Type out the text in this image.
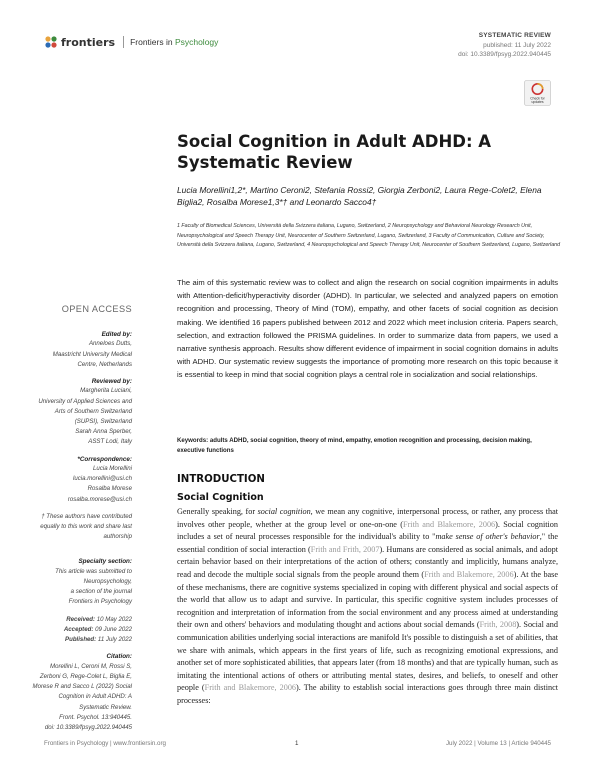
frontiers Frontiers in Psychology
SYSTEMATIC REVIEW
published: 11 July 2022
doi: 10.3389/fpsyg.2022.940445
Check for
updates
Social Cognition in Adult ADHD: A Systematic Review

Lucia Morellini1,2*, Martino Ceroni2, Stefania Rossi2, Giorgia Zerboni2, Laura Rege-Colet2, Elena Biglia2, Rosalba Morese1,3*† and Leonardo Sacco4†

1 Faculty of Biomedical Sciences, Università della Svizzera italiana, Lugano, Switzerland, 2 Neuropsychology and Behavioral Neurology Research Unit, Neuropsychological and Speech Therapy Unit, Neurocenter of Southern Switzerland, Lugano, Switzerland, 3 Faculty of Communication, Culture and Society, Università della Svizzera italiana, Lugano, Switzerland, 4 Neuropsychological and Speech Therapy Unit, Neurocenter of Southern Switzerland, Lugano, Switzerland

The aim of this systematic review was to collect and align the research on social cognition impairments in adults with Attention-deficit/hyperactivity disorder (ADHD). In particular, we selected and analyzed papers on emotion recognition and processing, Theory of Mind (TOM), empathy, and other facets of social cognition as decision making. We identified 16 papers published between 2012 and 2022 which meet inclusion criteria. Papers search, selection, and extraction followed the PRISMA guidelines. In order to summarize data from papers, we used a narrative synthesis approach. Results show different evidence of impairment in social cognition domains in adults with ADHD. Our systematic review suggests the importance of promoting more research on this topic because it is essential to keep in mind that social cognition plays a central role in socialization and social relationships.

Keywords: adults ADHD, social cognition, theory of mind, empathy, emotion recognition and processing, decision making, executive functions

OPEN ACCESS
Edited by:
Anneloes Dutts,
Maastricht University Medical
Centre, Netherlands
Reviewed by:
Margherita Luciani,
University of Applied Sciences and
Arts of Southern Switzerland
(SUPSI), Switzerland
Sarah Anna Sperber,
ASST Lodi, Italy
*Correspondence:
Lucia Morellini
lucia.morellini@usi.ch
Rosalba Morese
rosalba.morese@usi.ch
† These authors have contributed
equally to this work and share last
authorship
Specialty section:
This article was submitted to
Neuropsychology,
a section of the journal
Frontiers in Psychology
Received: 10 May 2022
Accepted: 09 June 2022
Published: 11 July 2022
Citation:
Morellini L, Ceroni M, Rossi S,
Zerboni G, Rege-Colet L, Biglia E,
Morese R and Sacco L (2022) Social
Cognition in Adult ADHD: A
Systematic Review.
Front. Psychol. 13:940445.
doi: 10.3389/fpsyg.2022.940445
INTRODUCTION
Social Cognition

Generally speaking, for social cognition, we mean any cognitive, interpersonal process, or rather, any process that involves other people, whether at the group level or one-on-one (Frith and Blakemore, 2006). Social cognition includes a set of neural processes responsible for the individual's ability to "make sense of other's behavior," the essential condition of social interaction (Frith and Frith, 2007). Humans are considered as social animals, and adopt certain behavior based on their interpretations of the action of others; constantly and implicitly, humans analyze, read and decode the multiple social signals from the people around them (Frith and Blakemore, 2006). At the base of these mechanisms, there are cognitive systems specialized in coping with different physical and social aspects of the world that allow us to adapt and survive. In particular, this specific cognitive system includes processes of recognition and interpretation of information from the social environment and any process aimed at understanding their own and others' behaviors and modulating thought and actions about social demands (Frith, 2008). Social and communication abilities underlying social interactions are manifold It's possible to distinguish a set of abilities, that we share with animals, which appears in the first years of life, such as recognizing emotional expressions, and another set of more sophisticated abilities, that appears later (from 18 months) and that are typically human, such as imitating the intentional actions of others or attributing mental states, desires, and beliefs, to oneself and other people (Frith and Blakemore, 2006). The ability to establish social interactions goes through three main distinct processes:

Frontiers in Psychology | www.frontiersin.org	1	July 2022 | Volume 13 | Article 940445
